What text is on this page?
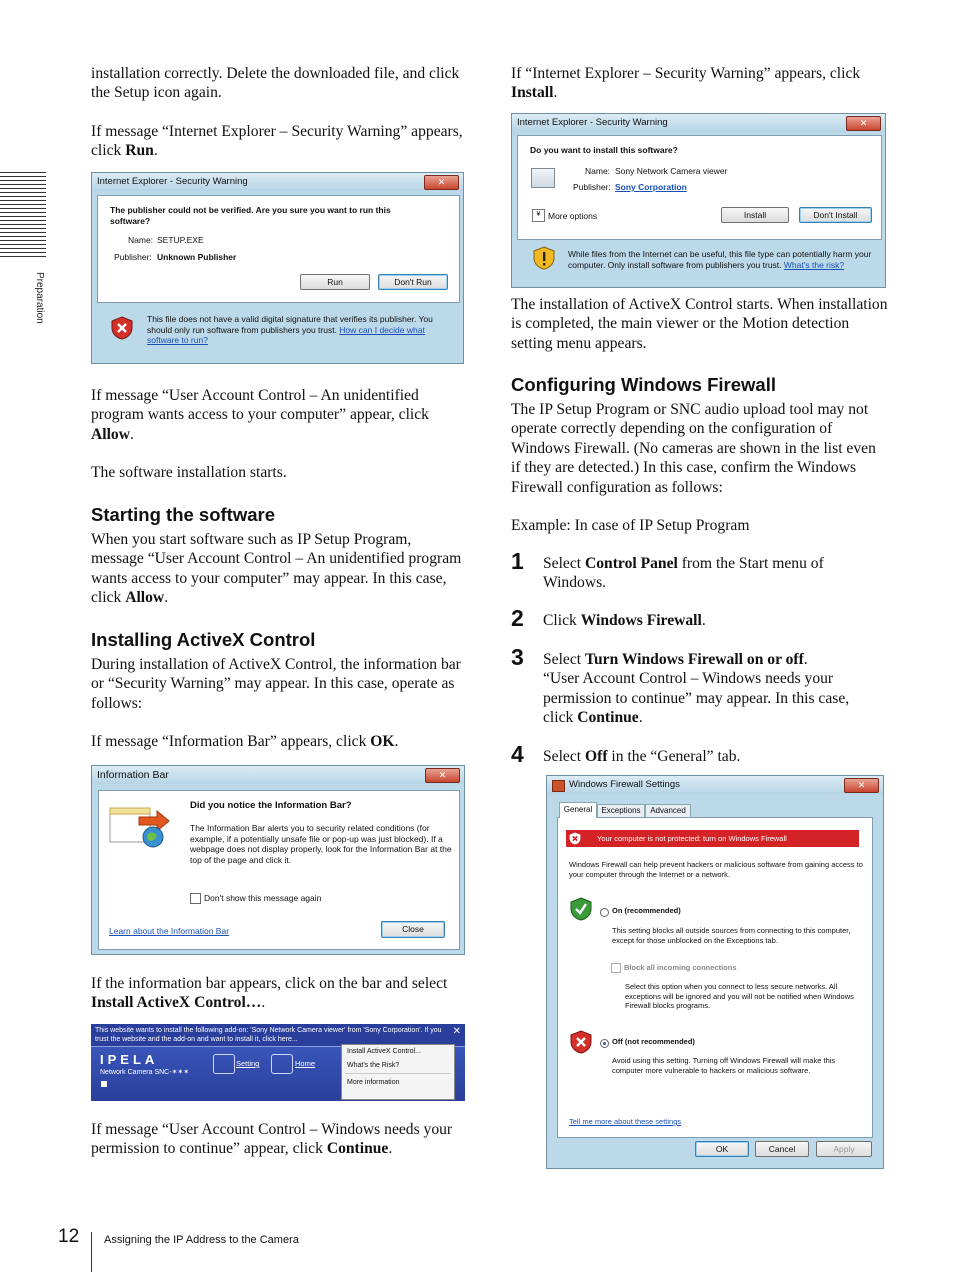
Preparation

installation correctly. Delete the downloaded file, and click the Setup icon again.

If message “Internet Explorer – Security Warning” appears, click Run.

Internet Explorer - Security Warning	✕
The publisher could not be verified. Are you sure you want to run this software?
Name: SETUP.EXE
Publisher: Unknown Publisher
Run	Don't Run
This file does not have a valid digital signature that verifies its publisher. You should only run software from publishers you trust. How can I decide what software to run?

If message “User Account Control – An unidentified program wants access to your computer” appear, click Allow.

The software installation starts.

Starting the software

When you start software such as IP Setup Program, message “User Account Control – An unidentified program wants access to your computer” may appear. In this case, click Allow.

Installing ActiveX Control

During installation of ActiveX Control, the information bar or “Security Warning” may appear. In this case, operate as follows:

If message “Information Bar” appears, click OK.

Information Bar	✕
Did you notice the Information Bar?
The Information Bar alerts you to security related conditions (for example, if a potentially unsafe file or pop-up was just blocked). If a webpage does not display properly, look for the Information Bar at the top of the page and click it.
Don't show this message again
Learn about the Information Bar	Close

If the information bar appears, click on the bar and select Install ActiveX Control….

This website wants to install the following add-on: 'Sony Network Camera viewer' from 'Sony Corporation'. If you trust the website and the add-on and want to install it, click here...
✕
IPELA
Network Camera SNC-✶✶✶
Setting	Home
Install ActiveX Control...
What's the Risk?
More information

If message “User Account Control – Windows needs your permission to continue” appear, click Continue.

If “Internet Explorer – Security Warning” appears, click Install.

Internet Explorer - Security Warning	✕
Do you want to install this software?
Name: Sony Network Camera viewer
Publisher: Sony Corporation
¥ More options	Install	Don't Install
While files from the Internet can be useful, this file type can potentially harm your computer. Only install software from publishers you trust. What's the risk?

The installation of ActiveX Control starts. When installation is completed, the main viewer or the Motion detection setting menu appears.

Configuring Windows Firewall

The IP Setup Program or SNC audio upload tool may not operate correctly depending on the configuration of Windows Firewall. (No cameras are shown in the list even if they are detected.) In this case, confirm the Windows Firewall configuration as follows:

Example: In case of IP Setup Program

1 Select Control Panel from the Start menu of Windows.

2 Click Windows Firewall.

3 Select Turn Windows Firewall on or off.
“User Account Control – Windows needs your permission to continue” may appear. In this case, click Continue.

4 Select Off in the “General” tab.

Windows Firewall Settings	✕
General	Exceptions	Advanced
Your computer is not protected: turn on Windows Firewall
Windows Firewall can help prevent hackers or malicious software from gaining access to your computer through the Internet or a network.
On (recommended)
This setting blocks all outside sources from connecting to this computer, except for those unblocked on the Exceptions tab.
Block all incoming connections
Select this option when you connect to less secure networks. All exceptions will be ignored and you will not be notified when Windows Firewall blocks programs.
Off (not recommended)
Avoid using this setting. Turning off Windows Firewall will make this computer more vulnerable to hackers or malicious software.
Tell me more about these settings
OK	Cancel	Apply
12 Assigning the IP Address to the Camera
